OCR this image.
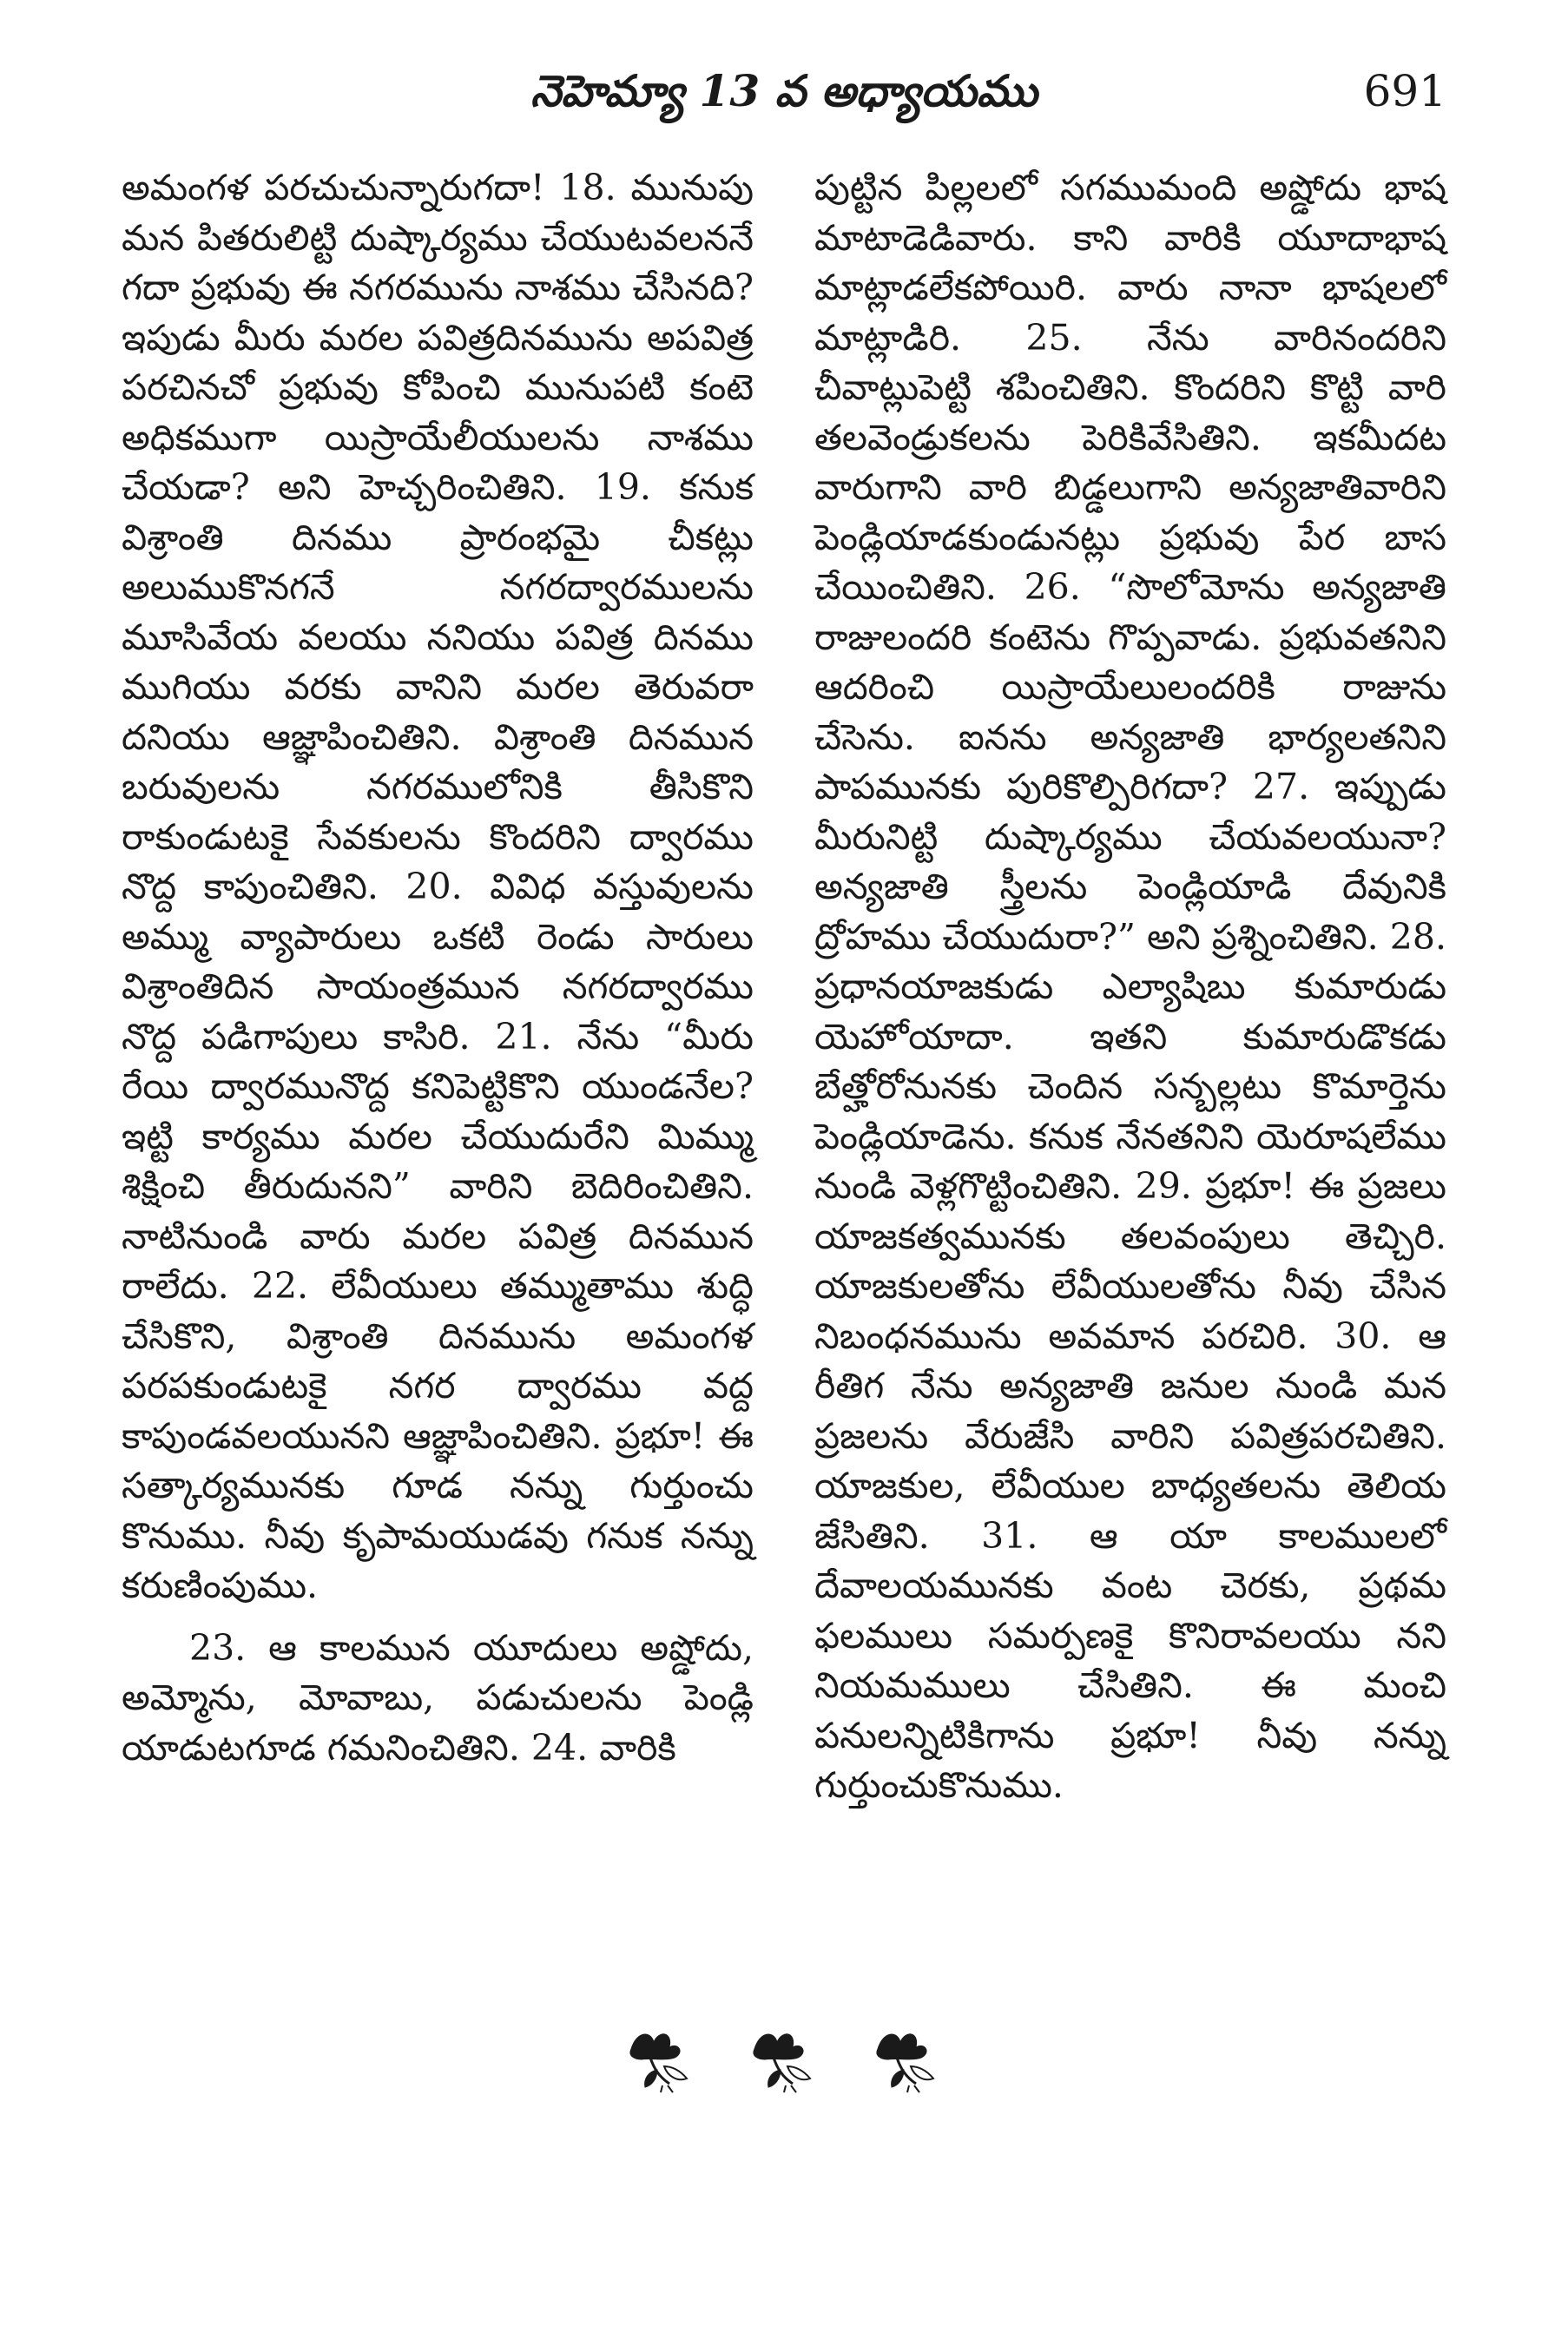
నెహెమ్యా 13 వ అధ్యాయము	691

అమంగళ పరచుచున్నారుగదా! 18. మునుపు మన పితరులిట్టి దుష్కార్యము చేయుటవలననే గదా ప్రభువు ఈ నగరమును నాశము చేసినది? ఇపుడు మీరు మరల పవిత్రదినమును అపవిత్ర పరచినచో ప్రభువు కోపించి మునుపటి కంటె అధికముగా యిస్రాయేలీయులను నాశము చేయడా? అని హెచ్చరించితిని. 19. కనుక విశ్రాంతి దినము ప్రారంభమై చీకట్లు అలుముకొనగనే నగరద్వారములను మూసివేయ వలయు ననియు పవిత్ర దినము ముగియు వరకు వానిని మరల తెరువరా దనియు ఆజ్ఞాపించితిని. విశ్రాంతి దినమున బరువులను నగరములోనికి తీసికొని రాకుండుటకై సేవకులను కొందరిని ద్వారము నొద్ద కాపుంచితిని. 20. వివిధ వస్తువులను అమ్ము వ్యాపారులు ఒకటి రెండు సారులు విశ్రాంతిదిన సాయంత్రమున నగరద్వారము నొద్ద పడిగాపులు కాసిరి. 21. నేను “మీరు రేయి ద్వారమునొద్ద కనిపెట్టికొని యుండనేల? ఇట్టి కార్యము మరల చేయుదురేని మిమ్ము శిక్షించి తీరుదునని” వారిని బెదిరించితిని. నాటినుండి వారు మరల పవిత్ర దినమున రాలేదు. 22. లేవీయులు తమ్ముతాము శుద్ధి చేసికొని, విశ్రాంతి దినమును అమంగళ పరపకుండుటకై నగర ద్వారము వద్ద కాపుండవలయునని ఆజ్ఞాపించితిని. ప్రభూ! ఈ సత్కార్యమునకు గూడ నన్ను గుర్తుంచు కొనుము. నీవు కృపామయుడవు గనుక నన్ను కరుణింపుము.

23. ఆ కాలమున యూదులు అష్డోదు, అమ్మోను, మోవాబు, పడుచులను పెండ్లి యాడుటగూడ గమనించితిని. 24. వారికి

పుట్టిన పిల్లలలో సగముమంది అష్డోదు భాష మాటాడెడివారు. కాని వారికి యూదాభాష మాట్లాడలేకపోయిరి. వారు నానా భాషలలో మాట్లాడిరి. 25. నేను వారినందరిని చీవాట్లుపెట్టి శపించితిని. కొందరిని కొట్టి వారి తలవెండ్రుకలను పెరికివేసితిని. ఇకమీదట వారుగాని వారి బిడ్డలుగాని అన్యజాతివారిని పెండ్లియాడకుండునట్లు ప్రభువు పేర బాస చేయించితిని. 26. “సొలోమోను అన్యజాతి రాజులందరి కంటెను గొప్పవాడు. ప్రభువతనిని ఆదరించి యిస్రాయేలులందరికి రాజును చేసెను. ఐనను అన్యజాతి భార్యలతనిని పాపమునకు పురికొల్పిరిగదా? 27. ఇప్పుడు మీరునిట్టి దుష్కార్యము చేయవలయునా? అన్యజాతి స్త్రీలను పెండ్లియాడి దేవునికి ద్రోహము చేయుదురా?” అని ప్రశ్నించితిని. 28. ప్రధానయాజకుడు ఎల్యాషిబు కుమారుడు యెహోయాదా. ఇతని కుమారుడొకడు బేత్హోరోనునకు చెందిన సన్బల్లటు కొమార్తెను పెండ్లియాడెను. కనుక నేనతనిని యెరూషలేము నుండి వెళ్లగొట్టించితిని. 29. ప్రభూ! ఈ ప్రజలు యాజకత్వమునకు తలవంపులు తెచ్చిరి. యాజకులతోను లేవీయులతోను నీవు చేసిన నిబంధనమును అవమాన పరచిరి. 30. ఆ రీతిగ నేను అన్యజాతి జనుల నుండి మన ప్రజలను వేరుజేసి వారిని పవిత్రపరచితిని. యాజకుల, లేవీయుల బాధ్యతలను తెలియ జేసితిని. 31. ఆ యా కాలములలో దేవాలయమునకు వంట చెరకు, ప్రథమ ఫలములు సమర్పణకై కొనిరావలయు నని నియమములు చేసితిని. ఈ మంచి పనులన్నిటికిగాను ప్రభూ! నీవు నన్ను గుర్తుంచుకొనుము.
